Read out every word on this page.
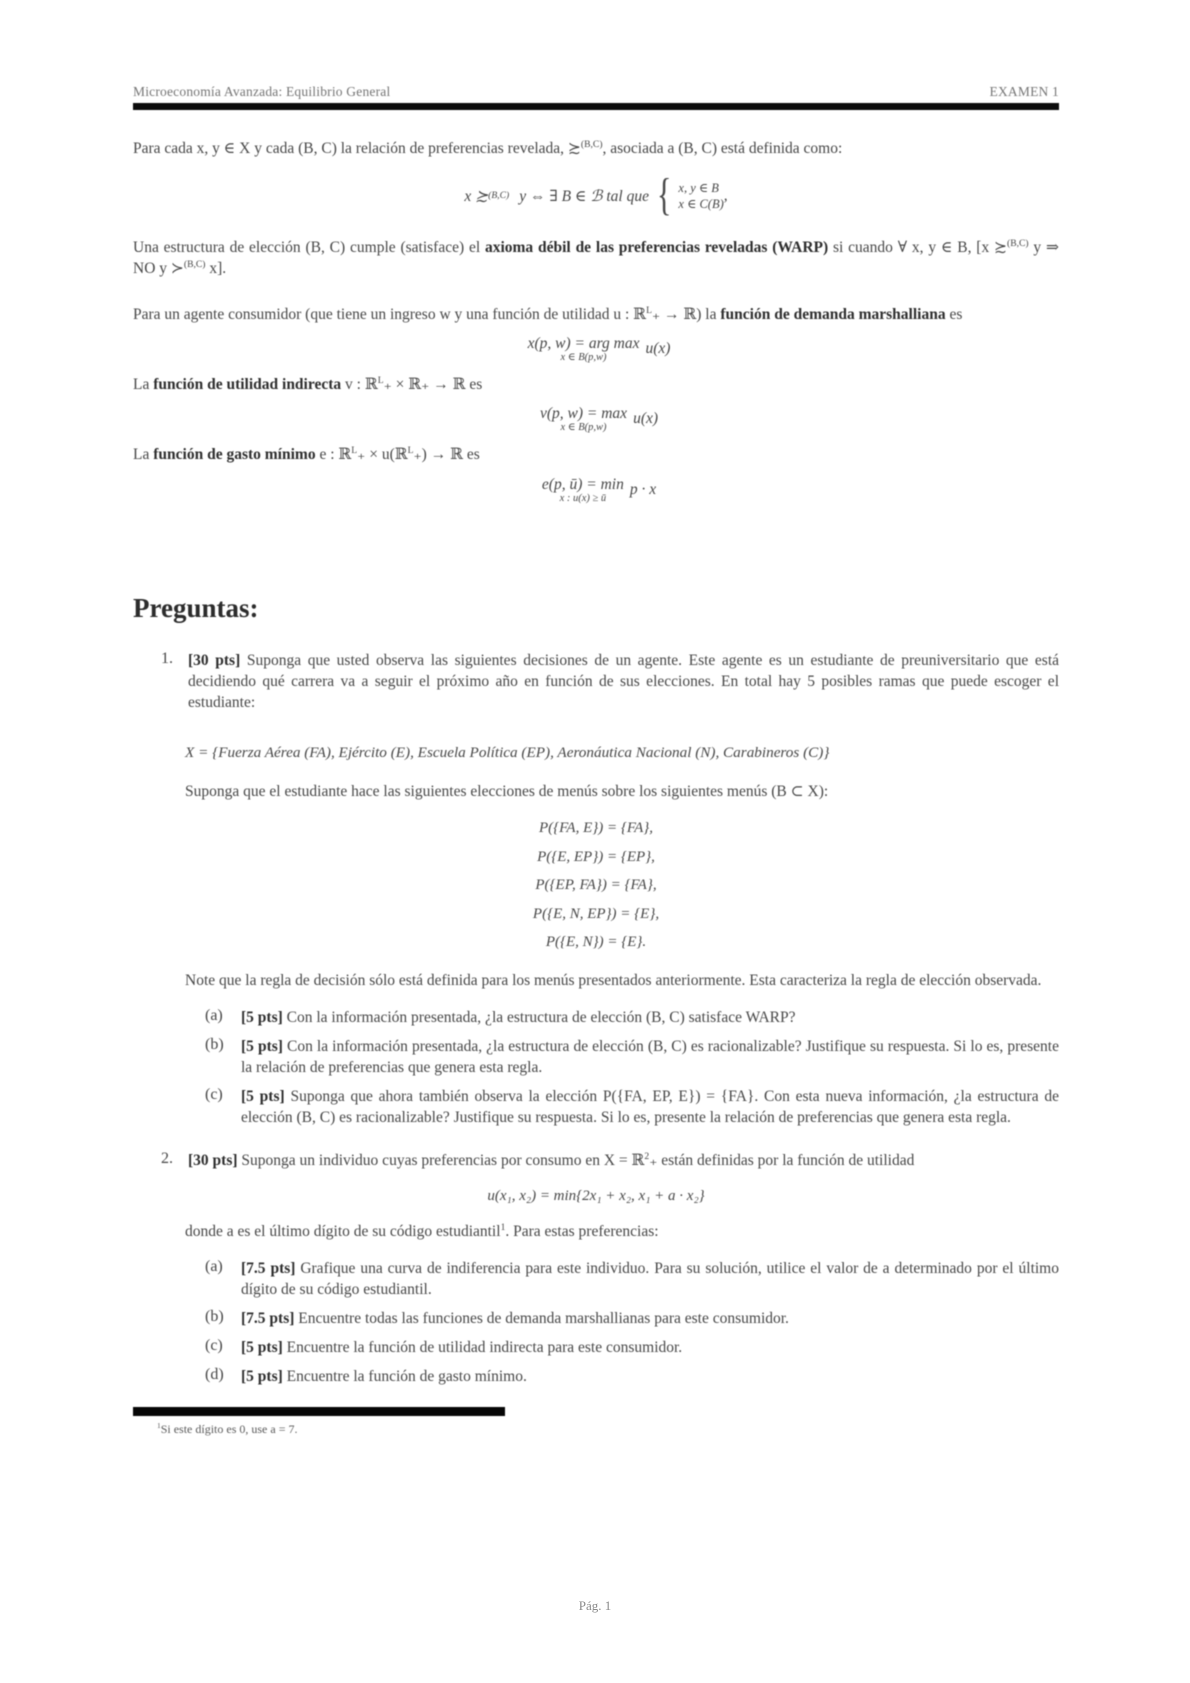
Microeconomía Avanzada: Equilibrio General	EXAMEN 1

Para cada x, y ∈ X y cada (B, C) la relación de preferencias revelada, ≿$^{(B,C)}$, asociada a (B, C) está definida como:

x ≿ (B,C) y ⇔ ∃ B ∈ ℬ tal que { x, y ∈ B
x ∈ C(B) ,

Una estructura de elección (B, C) cumple (satisface) el axioma débil de las preferencias reveladas (WARP) si cuando ∀ x, y ∈ B, [x ≿$^{(B,C)}$ y ⇒ NO y ≻$^{(B,C)}$ x].

Para un agente consumidor (que tiene un ingreso w y una función de utilidad u : ℝ$^L$₊ → ℝ) la función de demanda marshalliana es

x(p, w) = arg max
x ∈ B(p,w)
u(x)

La función de utilidad indirecta v : ℝ$^L$₊ × ℝ₊ → ℝ es

v(p, w) = max
x ∈ B(p,w)
u(x)

La función de gasto mínimo e : ℝ$^L$₊ × u(ℝ$^L$₊) → ℝ es

e(p, ū) = min
x : u(x) ≥ ū
p · x
Preguntas:
1. [30 pts] Suponga que usted observa las siguientes decisiones de un agente. Este agente es un estudiante de preuniversitario que está decidiendo qué carrera va a seguir el próximo año en función de sus elecciones. En total hay 5 posibles ramas que puede escoger el estudiante:

X = {Fuerza Aérea (FA), Ejército (E), Escuela Política (EP), Aeronáutica Nacional (N), Carabineros (C)}

Suponga que el estudiante hace las siguientes elecciones de menús sobre los siguientes menús (B ⊂ X):

P({FA, E}) = {FA},
P({E, EP}) = {EP},
P({EP, FA}) = {FA},
P({E, N, EP}) = {E},
P({E, N}) = {E}.

Note que la regla de decisión sólo está definida para los menús presentados anteriormente. Esta caracteriza la regla de elección observada.

(a)	[5 pts] Con la información presentada, ¿la estructura de elección (B, C) satisface WARP?

(b)	[5 pts] Con la información presentada, ¿la estructura de elección (B, C) es racionalizable? Justifique su respuesta. Si lo es, presente la relación de preferencias que genera esta regla.

(c)	[5 pts] Suponga que ahora también observa la elección P({FA, EP, E}) = {FA}. Con esta nueva información, ¿la estructura de elección (B, C) es racionalizable? Justifique su respuesta. Si lo es, presente la relación de preferencias que genera esta regla.

2. [30 pts] Suponga un individuo cuyas preferencias por consumo en X = ℝ$^2$₊ están definidas por la función de utilidad

u(x₁, x₂) = min{2x₁ + x₂, x₁ + a · x₂}

donde a es el último dígito de su código estudiantil$^1$. Para estas preferencias:

(a)	[7.5 pts] Grafique una curva de indiferencia para este individuo. Para su solución, utilice el valor de a determinado por el último dígito de su código estudiantil.

(b)	[7.5 pts] Encuentre todas las funciones de demanda marshallianas para este consumidor.

(c)	[5 pts] Encuentre la función de utilidad indirecta para este consumidor.

(d)	[5 pts] Encuentre la función de gasto mínimo.

$^1$Si este dígito es 0, use a = 7.

Pág. 1
